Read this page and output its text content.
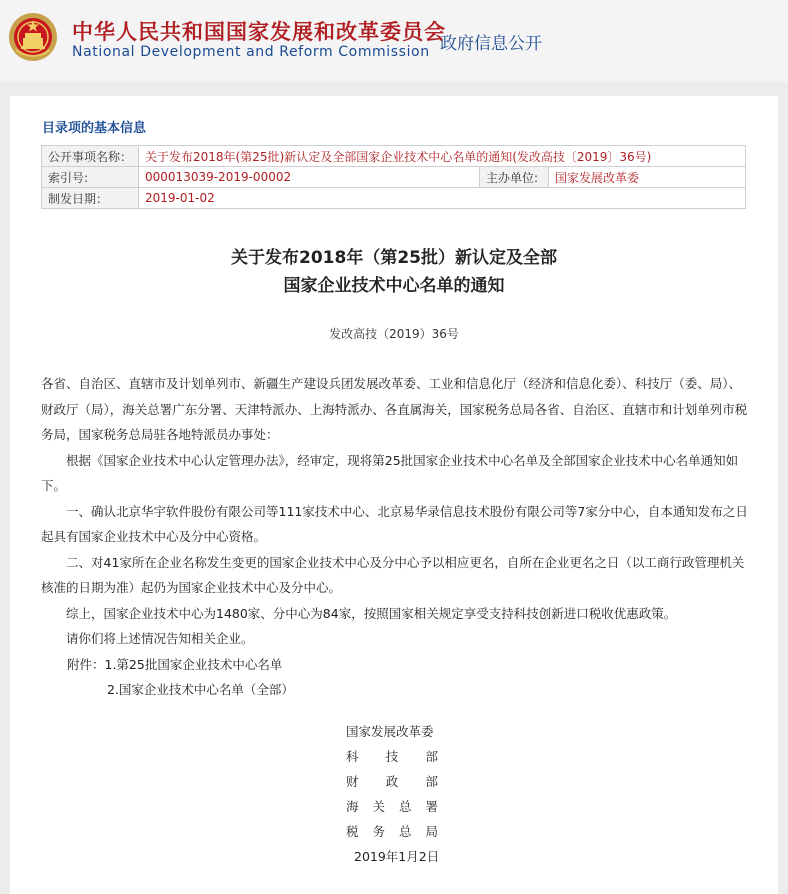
中华人民共和国国家发展和改革委员会
National Development and Reform Commission 政府信息公开
目录项的基本信息
公开事项名称：	关于发布2018年(第25批)新认定及全部国家企业技术中心名单的通知(发改高技〔2019〕36号)		
索引号:	000013039-2019-00002	主办单位:	国家发展改革委
制发日期：	2019-01-02		
关于发布2018年（第25批）新认定及全部
国家企业技术中心名单的通知
发改高技（2019）36号

各省、自治区、直辖市及计划单列市、新疆生产建设兵团发展改革委、工业和信息化厅（经济和信息化委）、科技厅（委、局）、财政厅（局），海关总署广东分署、天津特派办、上海特派办、各直属海关，国家税务总局各省、自治区、直辖市和计划单列市税务局，国家税务总局驻各地特派员办事处：

根据《国家企业技术中心认定管理办法》，经审定，现将第25批国家企业技术中心名单及全部国家企业技术中心名单通知如下。

一、确认北京华宇软件股份有限公司等111家技术中心、北京易华录信息技术股份有限公司等7家分中心，自本通知发布之日起具有国家企业技术中心及分中心资格。

二、对41家所在企业名称发生变更的国家企业技术中心及分中心予以相应更名，自所在企业更名之日（以工商行政管理机关核准的日期为准）起仍为国家企业技术中心及分中心。

综上，国家企业技术中心为1480家、分中心为84家，按照国家相关规定享受支持科技创新进口税收优惠政策。

请你们将上述情况告知相关企业。

附件：1.第25批国家企业技术中心名单

2.国家企业技术中心名单（全部）

国家发展改革委
科 技 部
财 政 部
海 关 总 署
税 务 总 局
2019年1月2日
